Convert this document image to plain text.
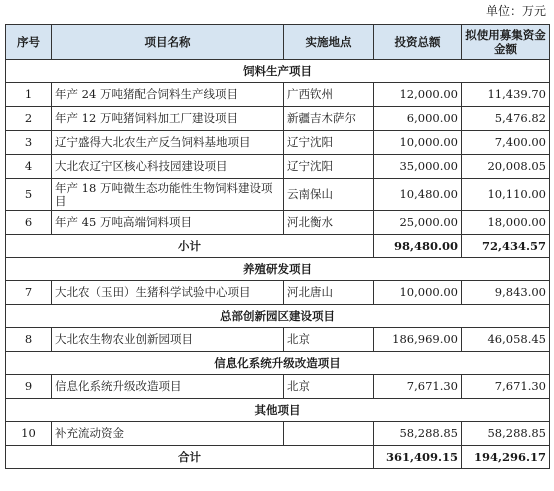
单位：万元
序号	项目名称	实施地点	投资总额	拟使用募集资金金额
饲料生产项目				
1	年产 24 万吨猪配合饲料生产线项目	广西钦州	12,000.00	11,439.70
2	年产 12 万吨猪饲料加工厂建设项目	新疆吉木萨尔	6,000.00	5,476.82
3	辽宁盛得大北农生产反刍饲料基地项目	辽宁沈阳	10,000.00	7,400.00
4	大北农辽宁区核心科技园建设项目	辽宁沈阳	35,000.00	20,008.05
5	年产 18 万吨微生态功能性生物饲料建设项目	云南保山	10,480.00	10,110.00
6	年产 45 万吨高端饲料项目	河北衡水	25,000.00	18,000.00
小计			98,480.00	72,434.57
养殖研发项目				
7	大北农（玉田）生猪科学试验中心项目	河北唐山	10,000.00	9,843.00
总部创新园区建设项目				
8	大北农生物农业创新园项目	北京	186,969.00	46,058.45
信息化系统升级改造项目				
9	信息化系统升级改造项目	北京	7,671.30	7,671.30
其他项目				
10	补充流动资金		58,288.85	58,288.85
合计			361,409.15	194,296.17
